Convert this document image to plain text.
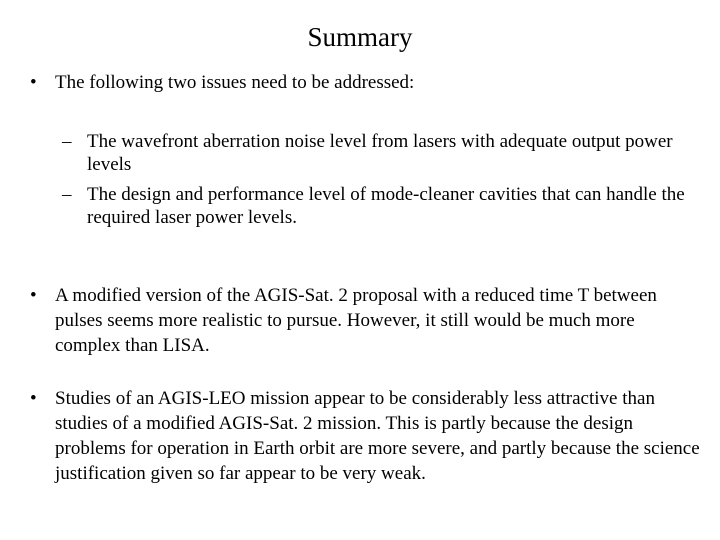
Summary
• The following two issues need to be addressed:
– The wavefront aberration noise level from lasers with adequate output power levels
– The design and performance level of mode-cleaner cavities that can handle the required laser power levels.
• A modified version of the AGIS-Sat. 2 proposal with a reduced time T between pulses seems more realistic to pursue. However, it still would be much more complex than LISA.
• Studies of an AGIS-LEO mission appear to be considerably less attractive than studies of a modified AGIS-Sat. 2 mission. This is partly because the design problems for operation in Earth orbit are more severe, and partly because the science justification given so far appear to be very weak.
